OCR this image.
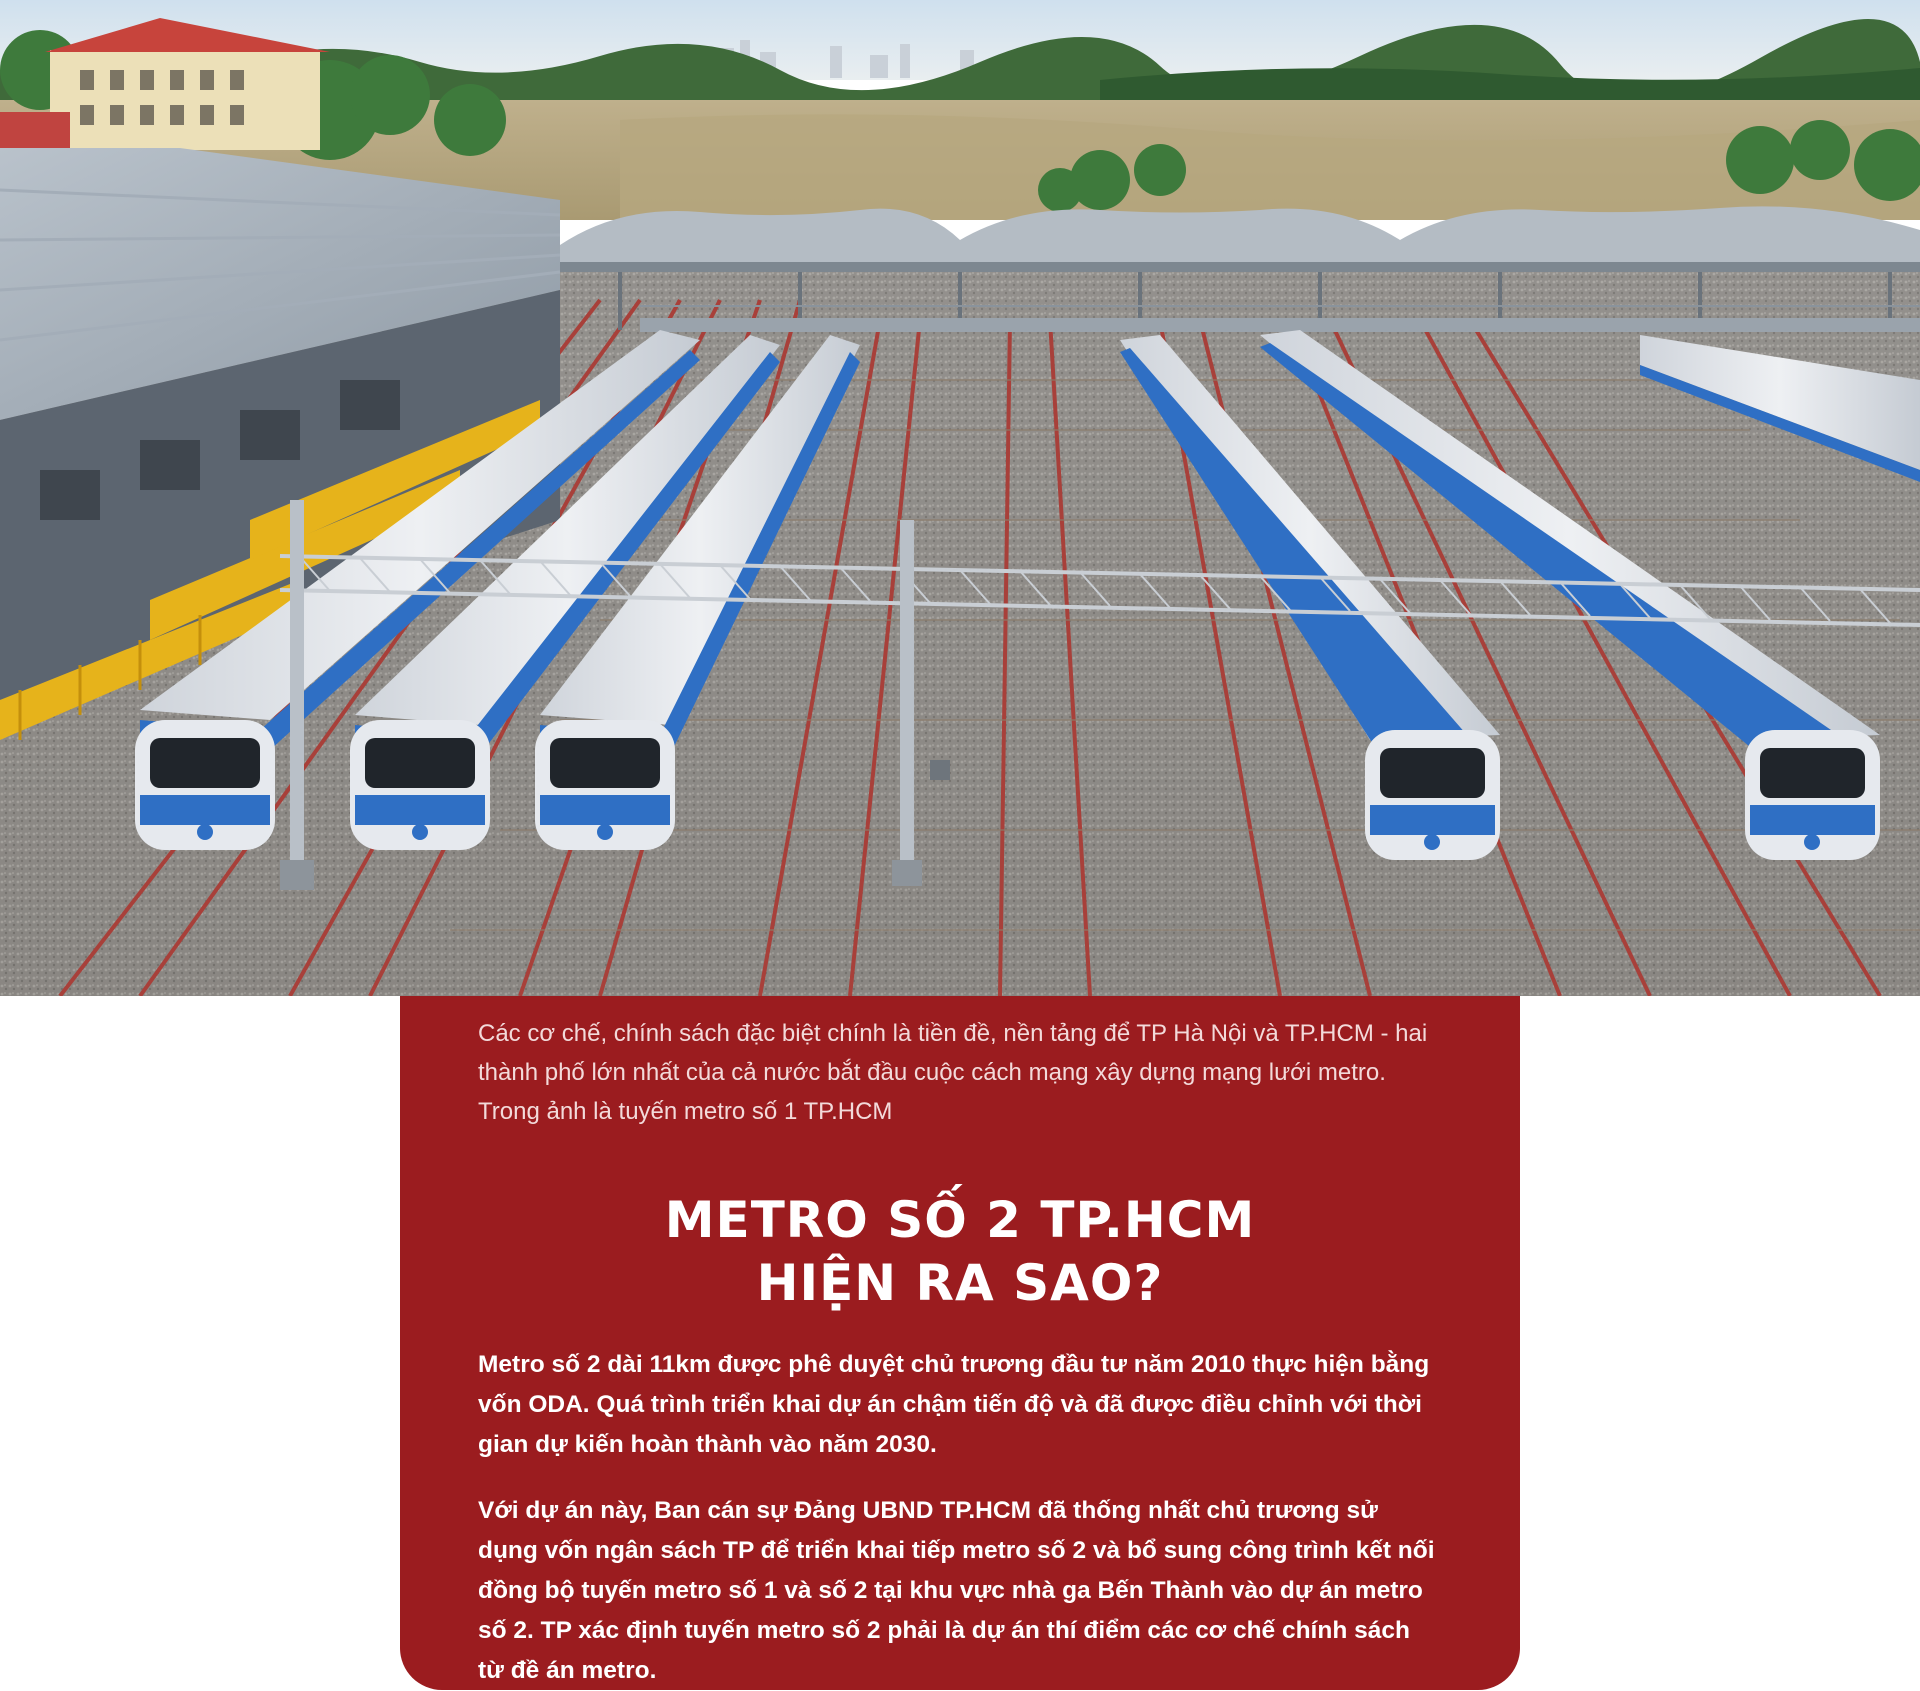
Các cơ chế, chính sách đặc biệt chính là tiền đề, nền tảng để TP Hà Nội và TP.HCM - hai thành phố lớn nhất của cả nước bắt đầu cuộc cách mạng xây dựng mạng lưới metro. Trong ảnh là tuyến metro số 1 TP.HCM

METRO SỐ 2 TP.HCM
HIỆN RA SAO?

Metro số 2 dài 11km được phê duyệt chủ trương đầu tư năm 2010 thực hiện bằng vốn ODA. Quá trình triển khai dự án chậm tiến độ và đã được điều chỉnh với thời gian dự kiến hoàn thành vào năm 2030.

Với dự án này, Ban cán sự Đảng UBND TP.HCM đã thống nhất chủ trương sử dụng vốn ngân sách TP để triển khai tiếp metro số 2 và bổ sung công trình kết nối đồng bộ tuyến metro số 1 và số 2 tại khu vực nhà ga Bến Thành vào dự án metro số 2. TP xác định tuyến metro số 2 phải là dự án thí điểm các cơ chế chính sách từ đề án metro.
